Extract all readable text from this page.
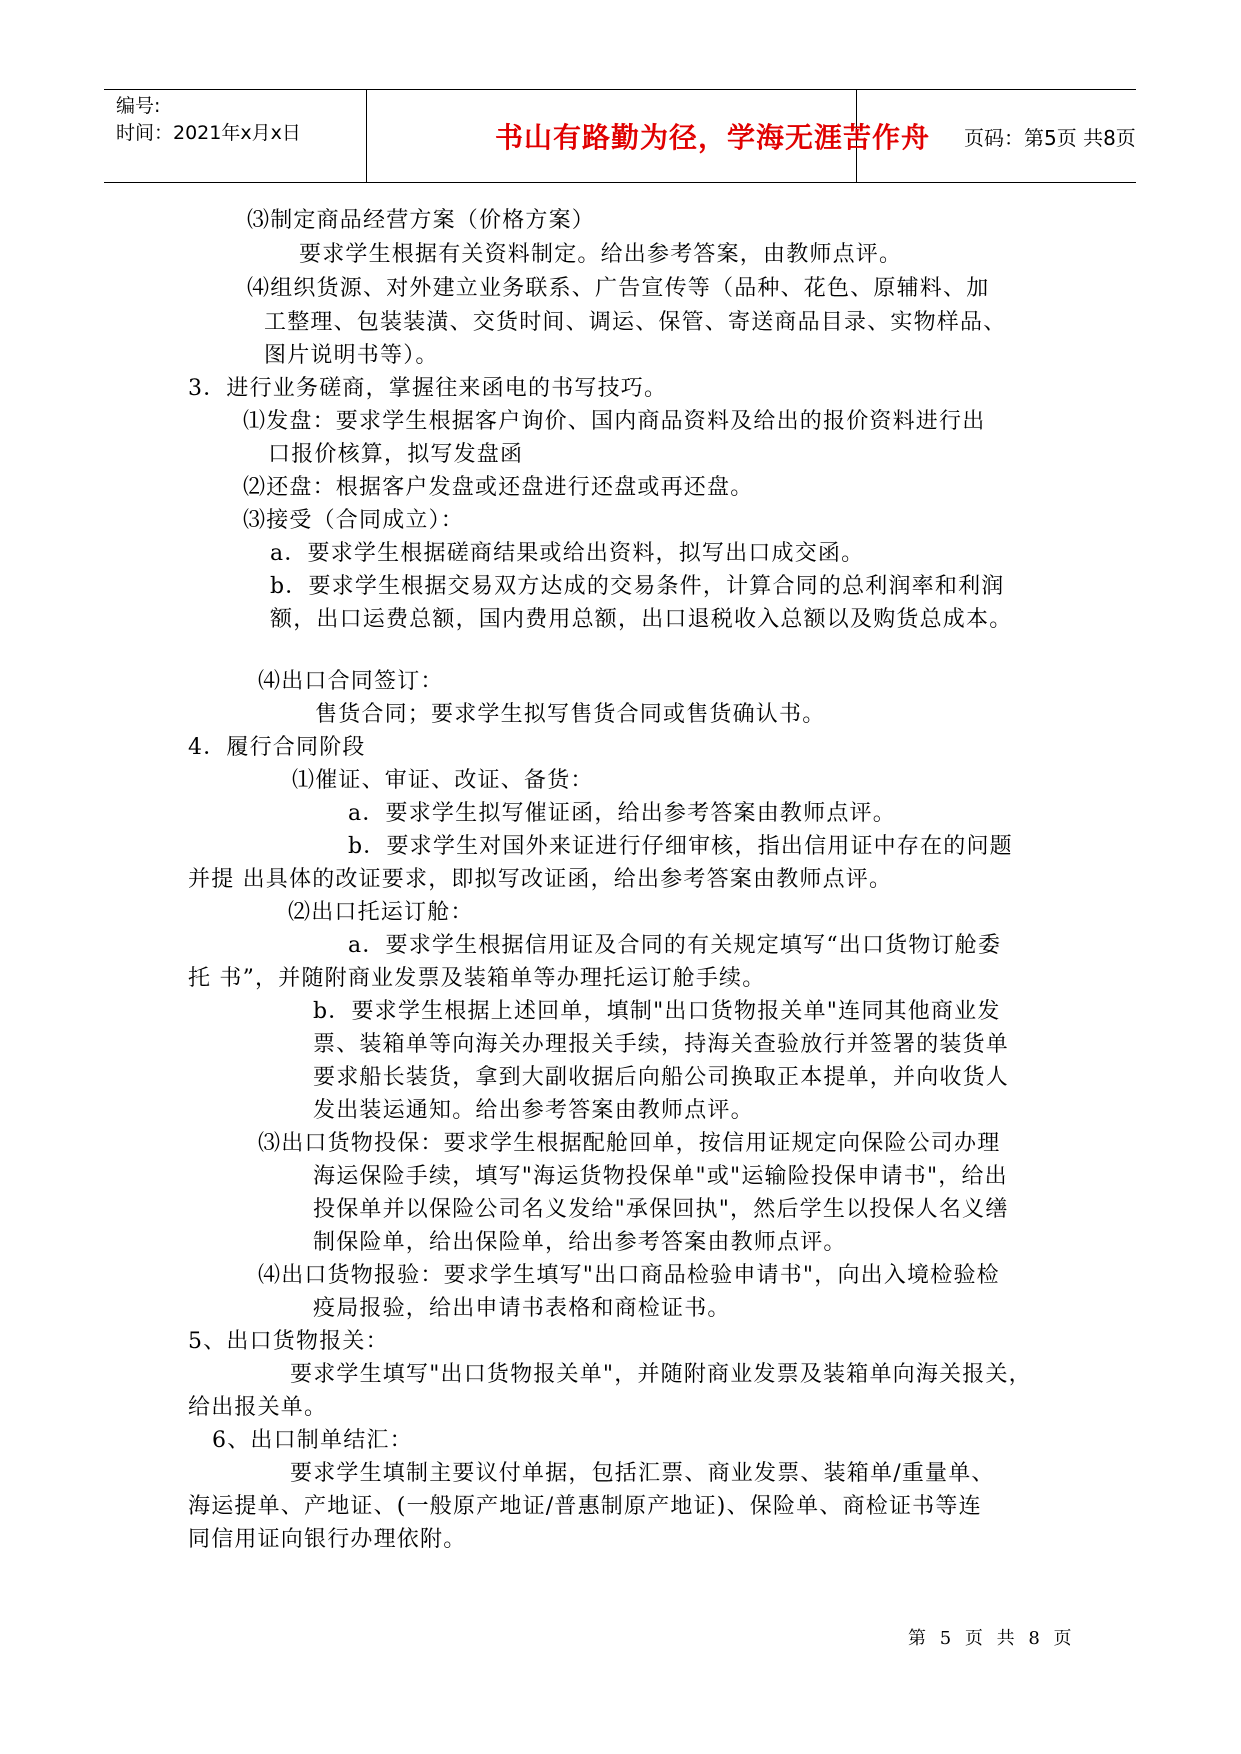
编号:
时间：2021年x月x日	书山有路勤为径，学海无涯苦作舟	页码：第5页 共8页
⑶制定商品经营方案（价格方案）
要求学生根据有关资料制定。给出参考答案，由教师点评。
⑷组织货源、对外建立业务联系、广告宣传等（品种、花色、原辅料、加
工整理、包装装潢、交货时间、调运、保管、寄送商品目录、实物样品、
图片说明书等）。
3．进行业务磋商，掌握往来函电的书写技巧。
⑴发盘：要求学生根据客户询价、国内商品资料及给出的报价资料进行出
口报价核算，拟写发盘函
⑵还盘：根据客户发盘或还盘进行还盘或再还盘。
⑶接受（合同成立）：
a．要求学生根据磋商结果或给出资料，拟写出口成交函。
b．要求学生根据交易双方达成的交易条件，计算合同的总利润率和利润
额，出口运费总额，国内费用总额，出口退税收入总额以及购货总成本。
⑷出口合同签订：
售货合同；要求学生拟写售货合同或售货确认书。
4．履行合同阶段
⑴催证、审证、改证、备货：
a．要求学生拟写催证函，给出参考答案由教师点评。
b．要求学生对国外来证进行仔细审核，指出信用证中存在的问题
并提 出具体的改证要求，即拟写改证函，给出参考答案由教师点评。
⑵出口托运订舱：
a．要求学生根据信用证及合同的有关规定填写“出口货物订舱委
托 书”，并随附商业发票及装箱单等办理托运订舱手续。
b．要求学生根据上述回单，填制"出口货物报关单"连同其他商业发
票、装箱单等向海关办理报关手续，持海关查验放行并签署的装货单
要求船长装货，拿到大副收据后向船公司换取正本提单，并向收货人
发出装运通知。给出参考答案由教师点评。
⑶出口货物投保：要求学生根据配舱回单，按信用证规定向保险公司办理
海运保险手续，填写"海运货物投保单"或"运输险投保申请书"，给出
投保单并以保险公司名义发给"承保回执"，然后学生以投保人名义缮
制保险单，给出保险单，给出参考答案由教师点评。
⑷出口货物报验：要求学生填写"出口商品检验申请书"，向出入境检验检
疫局报验，给出申请书表格和商检证书。
5、出口货物报关：
要求学生填写"出口货物报关单"，并随附商业发票及装箱单向海关报关，
给出报关单。
6、出口制单结汇：
要求学生填制主要议付单据，包括汇票、商业发票、装箱单/重量单、
海运提单、产地证、(一般原产地证/普惠制原产地证)、保险单、商检证书等连
同信用证向银行办理依附。
第 5 页 共 8 页
